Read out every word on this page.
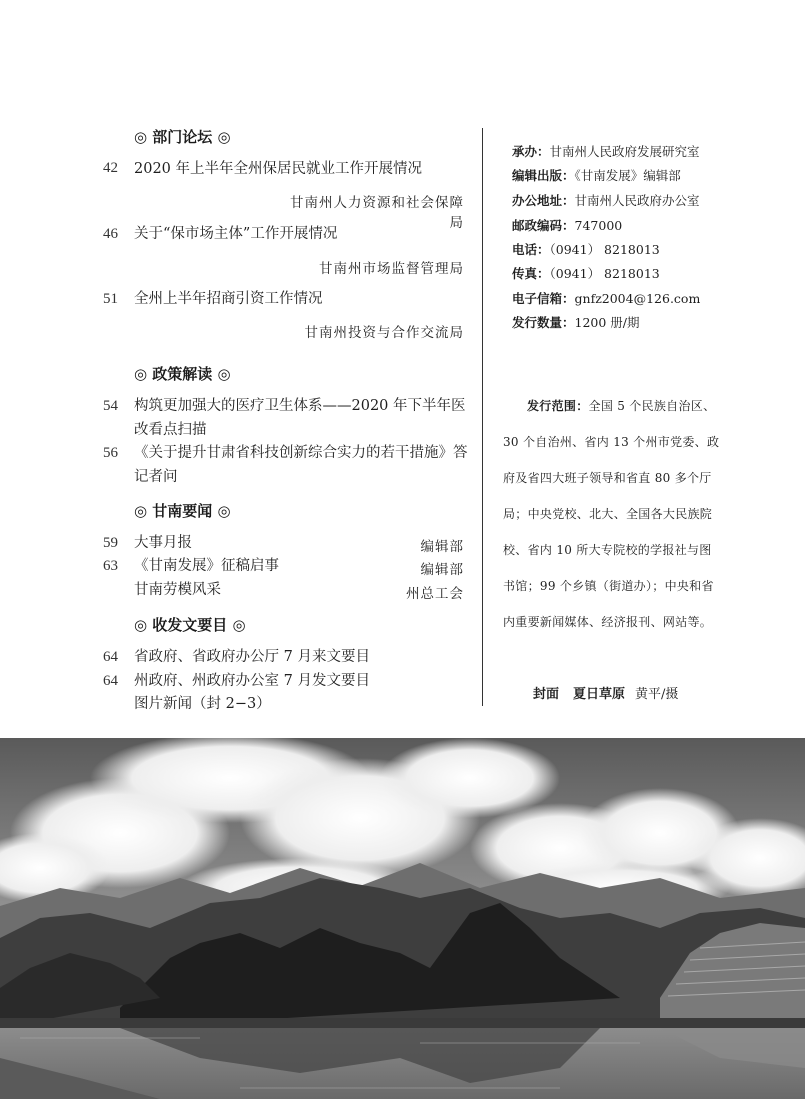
◎ 部门论坛 ◎
42	2020 年上半年全州保居民就业工作开展情况
甘南州人力资源和社会保障局
46	关于“保市场主体”工作开展情况
甘南州市场监督管理局
51	全州上半年招商引资工作情况
甘南州投资与合作交流局
◎ 政策解读 ◎
54	构筑更加强大的医疗卫生体系——2020 年下半年医改看点扫描
56	《关于提升甘肃省科技创新综合实力的若干措施》答记者问
◎ 甘南要闻 ◎
59	大事月报	编辑部
63	《甘南发展》征稿启事	编辑部
甘南劳模风采	州总工会
◎ 收发文要目 ◎
64	省政府、省政府办公厅 7 月来文要目
64	州政府、州政府办公室 7 月发文要目
图片新闻（封 2−3）
承办：甘南州人民政府发展研究室
编辑出版：《甘南发展》编辑部
办公地址：甘南州人民政府办公室
邮政编码：747000
电话：（0941） 8218013
传真：（0941） 8218013
电子信箱：gnfz2004@126.com
发行数量：1200 册/期
发行范围：全国 5 个民族自治区、30 个自治州、省内 13 个州市党委、政府及省四大班子领导和省直 80 多个厅局；中央党校、北大、全国各大民族院校、省内 10 所大专院校的学报社与图书馆；99 个乡镇（街道办）；中央和省内重要新闻媒体、经济报刊、网站等。
封面 夏日草原 黄平/摄
